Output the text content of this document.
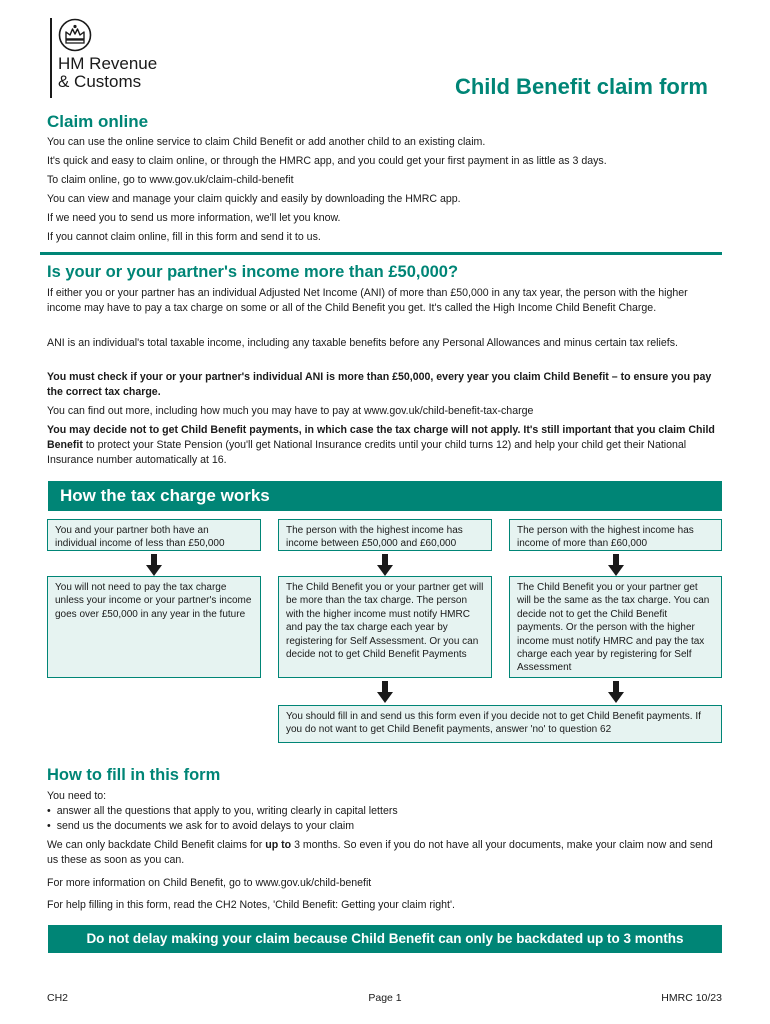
HM Revenue
& Customs	Child Benefit claim form
Claim online

You can use the online service to claim Child Benefit or add another child to an existing claim.

It's quick and easy to claim online, or through the HMRC app, and you could get your first payment in as little as 3 days.

To claim online, go to www.gov.uk/claim-child-benefit

You can view and manage your claim quickly and easily by downloading the HMRC app.

If we need you to send us more information, we'll let you know.

If you cannot claim online, fill in this form and send it to us.

Is your or your partner's income more than £50,000?

If either you or your partner has an individual Adjusted Net Income (ANI) of more than £50,000 in any tax year, the person with the higher income may have to pay a tax charge on some or all of the Child Benefit you get. It's called the High Income Child Benefit Charge.

ANI is an individual's total taxable income, including any taxable benefits before any Personal Allowances and minus certain tax reliefs.

You must check if your or your partner's individual ANI is more than £50,000, every year you claim Child Benefit – to ensure you pay the correct tax charge.

You can find out more, including how much you may have to pay at www.gov.uk/child-benefit-tax-charge

You may decide not to get Child Benefit payments, in which case the tax charge will not apply. It's still important that you claim Child Benefit to protect your State Pension (you'll get National Insurance credits until your child turns 12) and help your child get their National Insurance number automatically at 16.

How the tax charge works
You and your partner both have an individual income of less than £50,000
The person with the highest income has income between £50,000 and £60,000
The person with the highest income has income of more than £60,000
You will not need to pay the tax charge unless your income or your partner's income goes over £50,000 in any year in the future
The Child Benefit you or your partner get will be more than the tax charge. The person with the higher income must notify HMRC and pay the tax charge each year by registering for Self Assessment. Or you can decide not to get Child Benefit Payments
The Child Benefit you or your partner get will be the same as the tax charge. You can decide not to get the Child Benefit payments. Or the person with the higher income must notify HMRC and pay the tax charge each year by registering for Self Assessment
You should fill in and send us this form even if you decide not to get Child Benefit payments. If you do not want to get Child Benefit payments, answer 'no' to question 62
How to fill in this form

You need to:

• answer all the questions that apply to you, writing clearly in capital letters
• send us the documents we ask for to avoid delays to your claim

We can only backdate Child Benefit claims for up to 3 months. So even if you do not have all your documents, make your claim now and send us these as soon as you can.

For more information on Child Benefit, go to www.gov.uk/child-benefit

For help filling in this form, read the CH2 Notes, 'Child Benefit: Getting your claim right'.

Do not delay making your claim because Child Benefit can only be backdated up to 3 months
CH2	Page 1	HMRC 10/23
